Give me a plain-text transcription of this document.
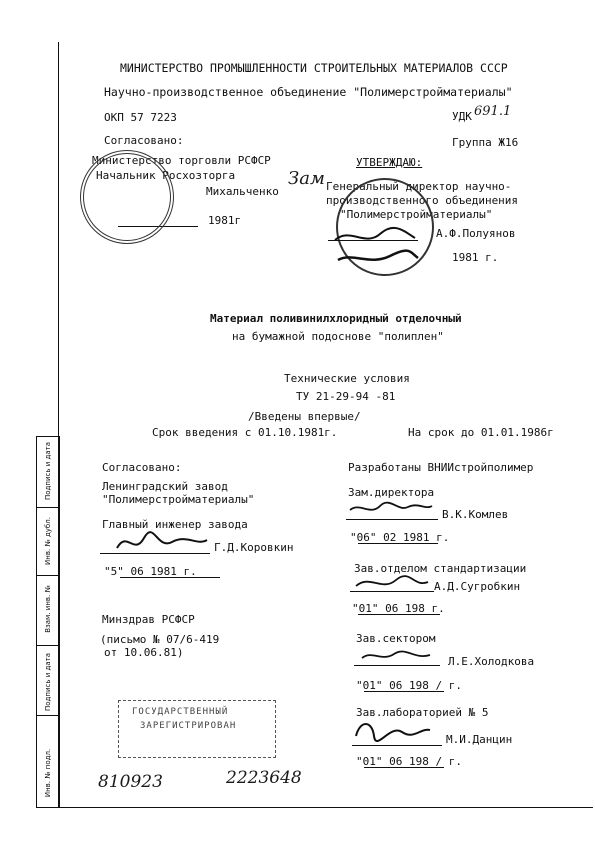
МИНИСТЕРСТВО ПРОМЫШЛЕННОСТИ СТРОИТЕЛЬНЫХ МАТЕРИАЛОВ СССР
Научно-производственное объединение "Полимерстройматериалы"
ОКП 57 7223	УДК 691.1
Группа Ж16
Согласовано:
Министерство торговли РСФСР
Начальник Росхозторга	Зам
Михальченко
1981г
УТВЕРЖДАЮ:
Генеральный директор научно-
производственного объединения
"Полимерстройматериалы"
А.Ф.Полуянов
1981 г.
Материал поливинилхлоридный отделочный
на бумажной подоснове "полиплен"
Технические условия
ТУ 21-29-94 -81
/Введены впервые/
Срок введения с 01.10.1981г.	На срок до 01.01.1986г
Согласовано:
Ленинградский завод
"Полимерстройматериалы"
Главный инженер завода
Г.Д.Коровкин
"5" 06 1981 г.
Минздрав РСФСР
(письмо № 07/6-419
от 10.06.81)
Разработаны ВНИИстройполимер
Зам.директора
В.К.Комлев
"06" 02 1981 г.
Зав.отделом стандартизации
А.Д.Сугробкин
"01" 06 198 г.
Зав.сектором
Л.Е.Холодкова
"01" 06 198 / г.
Зав.лабораторией № 5
М.И.Данцин
"01" 06 198 / г.
ГОСУДАРСТВЕННЫЙ
ЗАРЕГИСТРИРОВАН
810923	2223648
Инв. № подл.
Подпись и дата
Взам. инв. №
Инв. № дубл.
Подпись и дата
